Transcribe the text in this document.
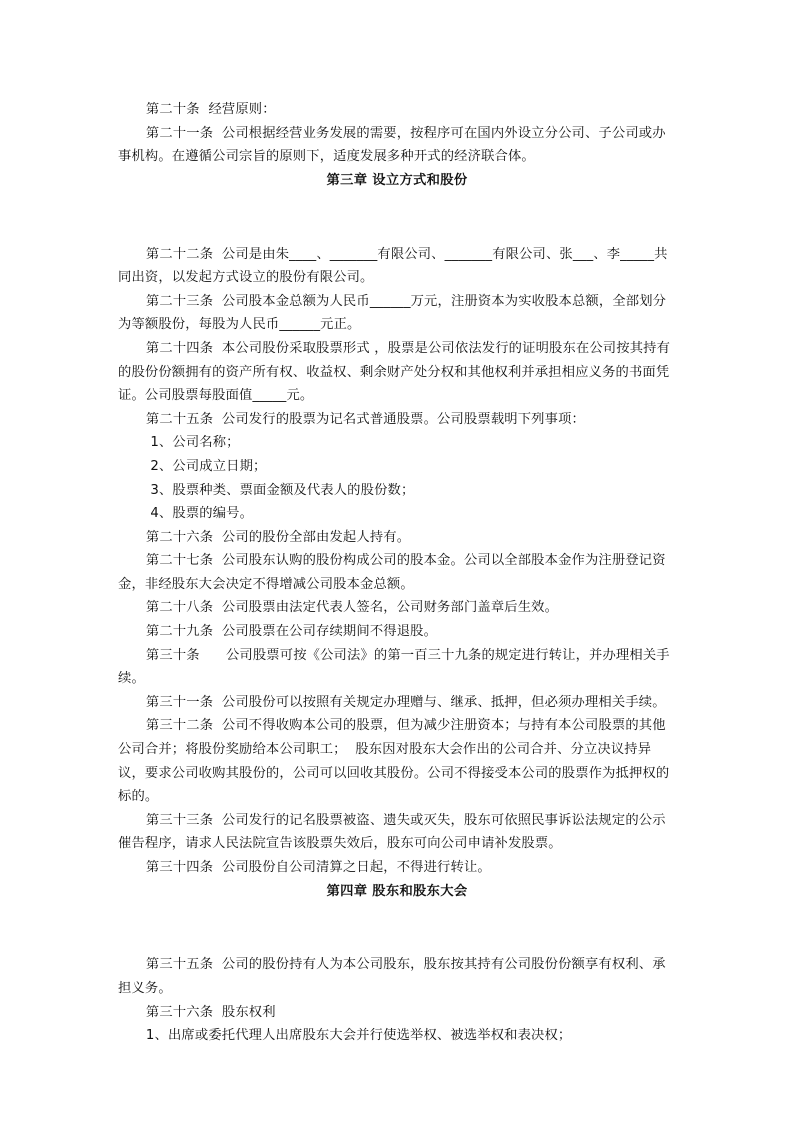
第二十条  经营原则：

第二十一条  公司根据经营业务发展的需要，按程序可在国内外设立分公司、子公司或办事机构。在遵循公司宗旨的原则下，适度发展多种开式的经济联合体。

第三章 设立方式和股份

第二十二条  公司是由朱____、_______有限公司、_______有限公司、张___、李_____共同出资，以发起方式设立的股份有限公司。

第二十三条  公司股本金总额为人民币______万元，注册资本为实收股本总额，全部划分为等额股份，每股为人民币______元正。

第二十四条  本公司股份采取股票形式 ，股票是公司依法发行的证明股东在公司按其持有的股份份额拥有的资产所有权、收益权、剩余财产处分权和其他权利并承担相应义务的书面凭证。公司股票每股面值_____元。

第二十五条  公司发行的股票为记名式普通股票。公司股票载明下列事项：

1、公司名称；

2、公司成立日期；

3、股票种类、票面金额及代表人的股份数；

4、股票的编号。

第二十六条  公司的股份全部由发起人持有。

第二十七条  公司股东认购的股份构成公司的股本金。公司以全部股本金作为注册登记资金，非经股东大会决定不得增减公司股本金总额。

第二十八条  公司股票由法定代表人签名，公司财务部门盖章后生效。

第二十九条  公司股票在公司存续期间不得退股。

第三十条      公司股票可按《公司法》的第一百三十九条的规定进行转让，并办理相关手续。

第三十一条  公司股份可以按照有关规定办理赠与、继承、抵押，但必须办理相关手续。

第三十二条  公司不得收购本公司的股票，但为减少注册资本；与持有本公司股票的其他公司合并；将股份奖励给本公司职工；  股东因对股东大会作出的公司合并、分立决议持异议，要求公司收购其股份的，公司可以回收其股份。公司不得接受本公司的股票作为抵押权的标的。

第三十三条  公司发行的记名股票被盗、遗失或灭失，股东可依照民事诉讼法规定的公示催告程序，请求人民法院宣告该股票失效后，股东可向公司申请补发股票。

第三十四条  公司股份自公司清算之日起，不得进行转让。

第四章 股东和股东大会

第三十五条  公司的股份持有人为本公司股东，股东按其持有公司股份份额享有权利、承担义务。

第三十六条  股东权利

1、出席或委托代理人出席股东大会并行使选举权、被选举权和表决权；
